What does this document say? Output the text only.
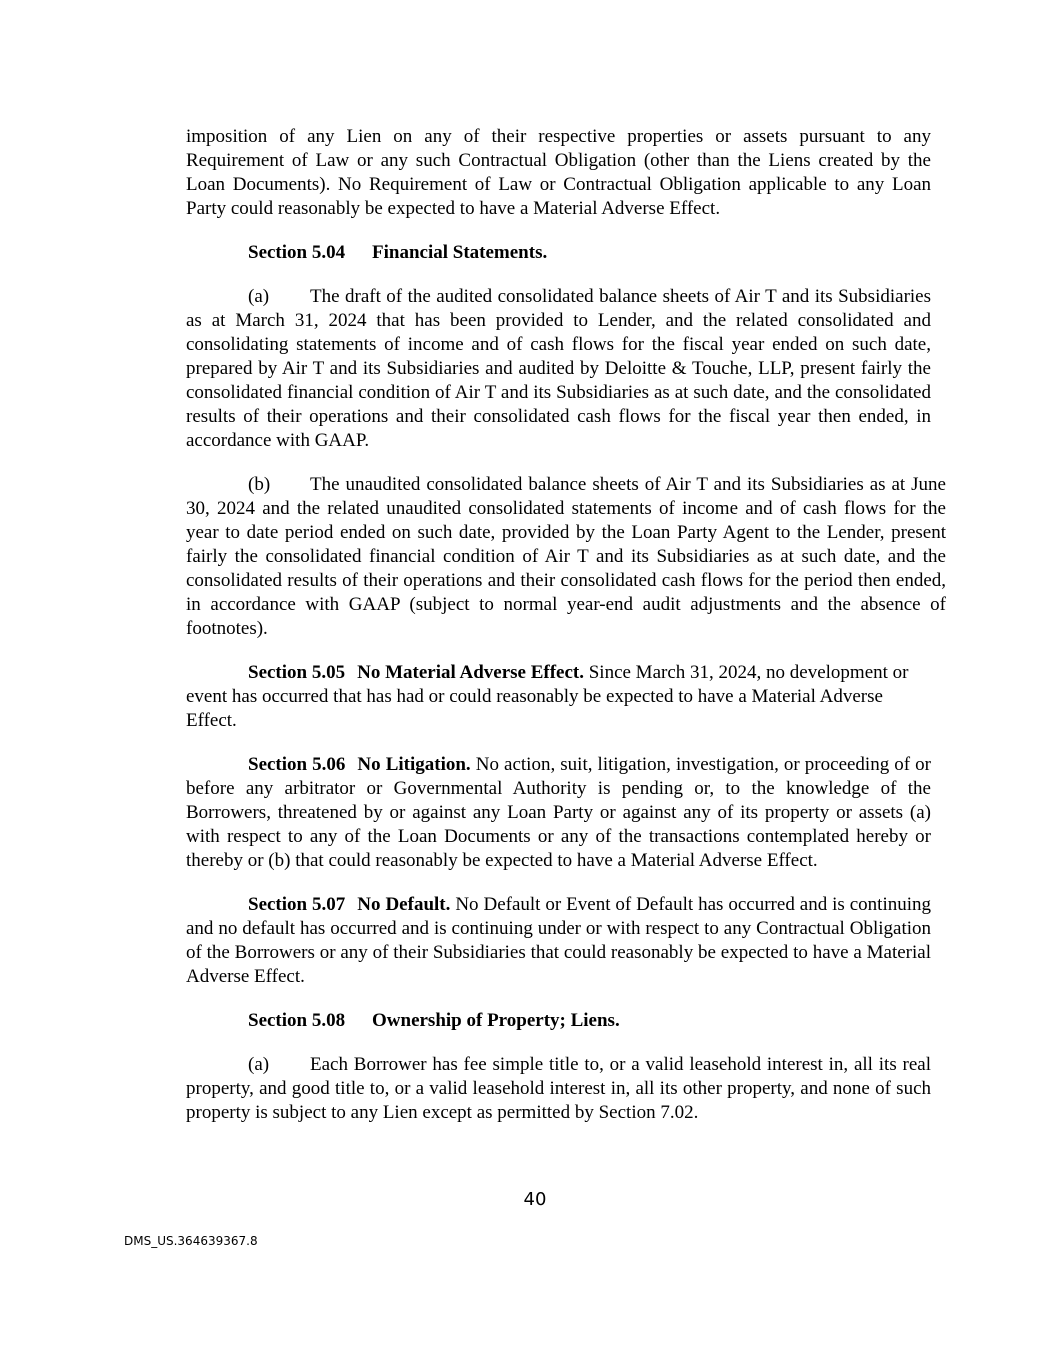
imposition of any Lien on any of their respective properties or assets pursuant to any Requirement of Law or any such Contractual Obligation (other than the Liens created by the Loan Documents). No Requirement of Law or Contractual Obligation applicable to any Loan Party could reasonably be expected to have a Material Adverse Effect.

Section 5.04 Financial Statements.

(a) The draft of the audited consolidated balance sheets of Air T and its Subsidiaries as at March 31, 2024 that has been provided to Lender, and the related consolidated and consolidating statements of income and of cash flows for the fiscal year ended on such date, prepared by Air T and its Subsidiaries and audited by Deloitte & Touche, LLP, present fairly the consolidated financial condition of Air T and its Subsidiaries as at such date, and the consolidated results of their operations and their consolidated cash flows for the fiscal year then ended, in accordance with GAAP.

(b) The unaudited consolidated balance sheets of Air T and its Subsidiaries as at June 30, 2024 and the related unaudited consolidated statements of income and of cash flows for the year to date period ended on such date, provided by the Loan Party Agent to the Lender, present fairly the consolidated financial condition of Air T and its Subsidiaries as at such date, and the consolidated results of their operations and their consolidated cash flows for the period then ended, in accordance with GAAP (subject to normal year-end audit adjustments and the absence of footnotes).

Section 5.05 No Material Adverse Effect. Since March 31, 2024, no development or event has occurred that has had or could reasonably be expected to have a Material Adverse Effect.

Section 5.06 No Litigation. No action, suit, litigation, investigation, or proceeding of or before any arbitrator or Governmental Authority is pending or, to the knowledge of the Borrowers, threatened by or against any Loan Party or against any of its property or assets (a) with respect to any of the Loan Documents or any of the transactions contemplated hereby or thereby or (b) that could reasonably be expected to have a Material Adverse Effect.

Section 5.07 No Default. No Default or Event of Default has occurred and is continuing and no default has occurred and is continuing under or with respect to any Contractual Obligation of the Borrowers or any of their Subsidiaries that could reasonably be expected to have a Material Adverse Effect.

Section 5.08 Ownership of Property; Liens.

(a) Each Borrower has fee simple title to, or a valid leasehold interest in, all its real property, and good title to, or a valid leasehold interest in, all its other property, and none of such property is subject to any Lien except as permitted by Section 7.02.

40
DMS_US.364639367.8
